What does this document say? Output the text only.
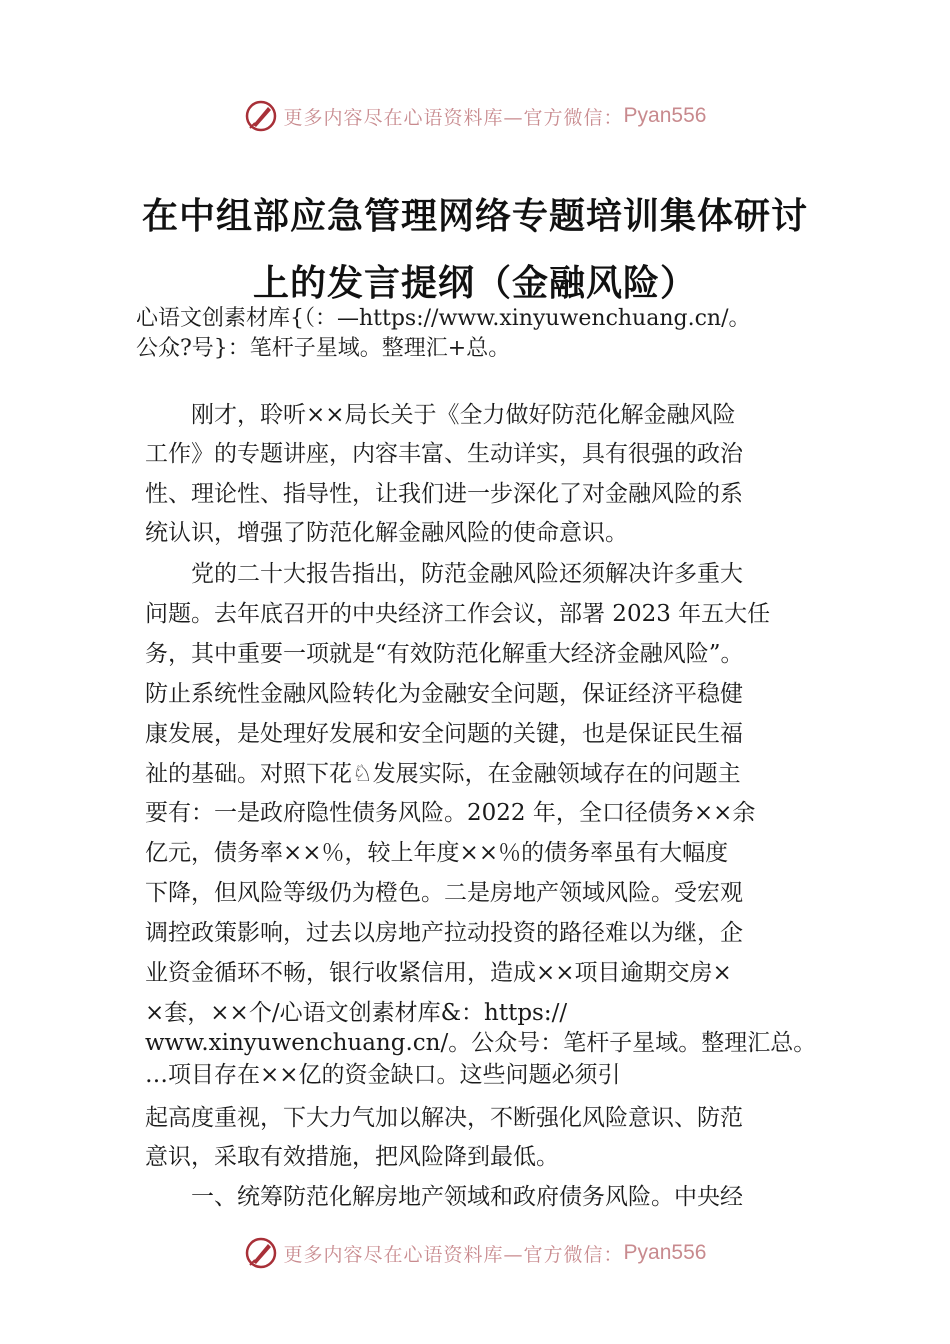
更多内容尽在心语资料库—官方微信： Pyan556
在中组部应急管理网络专题培训集体研讨
上的发言提纲（金融风险）
心语文创素材库{（：—https://www.xinyuwenchuang.cn/。
公众?号}：笔杆子星域。整理汇+总。
　　刚才，聆听××局长关于《全力做好防范化解金融风险
工作》的专题讲座，内容丰富、生动详实，具有很强的政治
性、理论性、指导性，让我们进一步深化了对金融风险的系
统认识，增强了防范化解金融风险的使命意识。
　　党的二十大报告指出，防范金融风险还须解决许多重大
问题。去年底召开的中央经济工作会议，部署 2023 年五大任
务，其中重要一项就是“有效防范化解重大经济金融风险”。
防止系统性金融风险转化为金融安全问题，保证经济平稳健
康发展，是处理好发展和安全问题的关键，也是保证民生福
祉的基础。对照下花♘发展实际，在金融领域存在的问题主
要有：一是政府隐性债务风险。2022 年，全口径债务××余
亿元，债务率××％，较上年度××％的债务率虽有大幅度
下降，但风险等级仍为橙色。二是房地产领域风险。受宏观
调控政策影响，过去以房地产拉动投资的路径难以为继，企
业资金循环不畅，银行收紧信用，造成××项目逾期交房×
×套，××个/心语文创素材库&：https://
www.xinyuwenchuang.cn/。公众号：笔杆子星域。整理汇总。
…项目存在××亿的资金缺口。这些问题必须引
起高度重视，下大力气加以解决，不断强化风险意识、防范
意识，采取有效措施，把风险降到最低。
　　一、统筹防范化解房地产领域和政府债务风险。中央经
更多内容尽在心语资料库—官方微信： Pyan556
